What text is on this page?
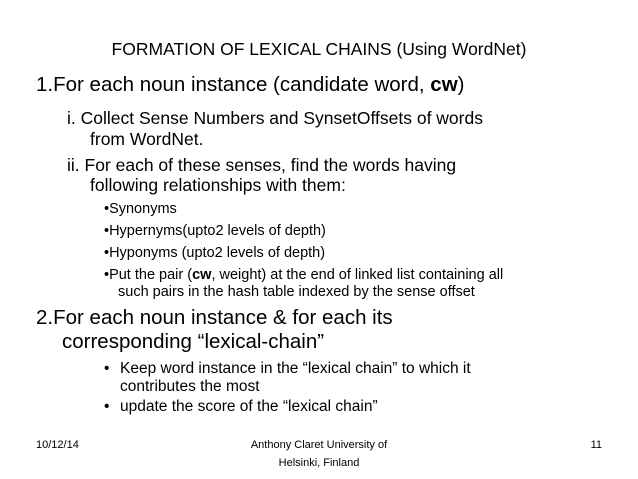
FORMATION OF LEXICAL CHAINS (Using WordNet)
1.For each noun instance (candidate word, cw)
i. Collect Sense Numbers and SynsetOffsets of words
from WordNet.
ii. For each of these senses, find the words having
following relationships with them:
•Synonyms
•Hypernyms(upto2 levels of depth)
•Hyponyms (upto2 levels of depth)
•Put the pair (cw, weight) at the end of linked list containing all
such pairs in the hash table indexed by the sense offset
2.For each noun instance & for each its
corresponding “lexical-chain”
• Keep word instance in the “lexical chain” to which it
contributes the most
• update the score of the “lexical chain”
10/12/14	Anthony Claret University of
Helsinki, Finland
11
